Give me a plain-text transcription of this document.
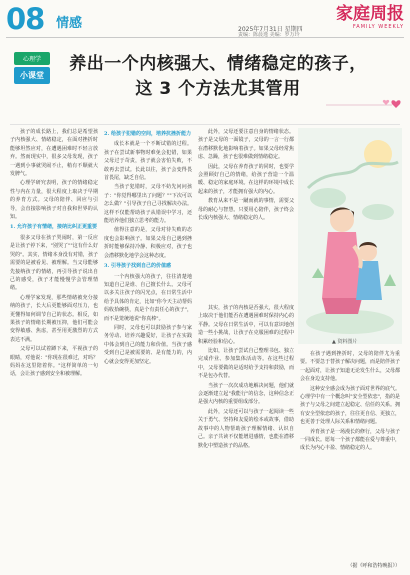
08 情感	2025年7月31日 星期四
责编：陈晨逸 美编：罗万玲
家庭周报
FAMILY WEEKLY
心理学
小课堂
养出一个内核强大、情绪稳定的孩子，
这 3 个方法尤其管用

孩子的成长路上，我们总是希望孩子内核强大、情绪稳定，在面对挫折时能够坦然应对，在遭遇困难时不轻言放弃。然而现实中，很多父母发现，孩子一遇到小事就哭闹不止，稍有不顺就大发脾气。

心理学研究表明，孩子的情绪稳定性与内在力量，很大程度上取决于早期的养育方式。父母的陪伴、回应与引导，会直接影响孩子对自我和世界的认知。

1. 允许孩子有情绪，接纳比纠正更重要

很多父母在孩子哭闹时，第一反应是让孩子停下来，"别哭了""这有什么好哭的"。其实，情绪本身没有对错，孩子需要的是被看见、被理解。当父母能够先接纳孩子的情绪，再引导孩子说出自己的感受，孩子才能慢慢学会管理情绪。

心理学家发现，那些情绪被充分接纳的孩子，长大后更能够面对压力，也更懂得如何调节自己的状态。相反，如果孩子的情绪长期被压抑，他们可能会变得敏感、焦虑，甚至用更激烈的方式表达不满。

父母可以试着蹲下来，平视孩子的眼睛，对他说："你现在很难过，对吗？妈妈在这里陪着你。"这样简单的一句话，会让孩子感到安全和被理解。

2. 给孩子犯错的空间，培养抗挫折能力

成长本就是一个不断试错的过程。孩子在尝试新事物时难免会犯错，如果父母过于苛责，孩子就会害怕失败，不敢再去尝试。长此以往，孩子会变得畏首畏尾，缺乏自信。

当孩子犯错时，父母不妨先问问孩子："你觉得哪里出了问题？""下次可以怎么做？"引导孩子自己寻找解决办法。这样不仅能帮助孩子从错误中学习，还能培养他们独立思考的能力。

值得注意的是，父母对待失败的态度也会影响孩子。如果父母自己遇到挫折时能够保持冷静、积极应对，孩子也会潜移默化地学会这种态度。

3. 引导孩子找到自己的价值感

一个内核强大的孩子，往往清楚地知道自己是谁、自己擅长什么。父母可以多关注孩子的闪光点，在日常生活中给予具体的肯定，比如"你今天主动帮妈妈收拾碗筷，真是个有责任心的孩子"，而不是笼统地说"你真棒"。

同时，父母也可以鼓励孩子参与家务劳动、培养兴趣爱好，让孩子在实践中体会到自己的能力和价值。当孩子感受到自己是被需要的、是有能力的，内心就会变得更加坚定。

此外，父母还要注意自身的情绪状态。孩子是父母的一面镜子，父母的一言一行都在潜移默化地影响着孩子。如果父母经常焦虑、急躁，孩子也很难做到情绪稳定。

因此，父母在养育孩子的同时，也要学会照顾好自己的情绪，给孩子营造一个温暖、稳定的家庭环境。在这样的环境中成长起来的孩子，才能拥有强大的内心。

教育从来不是一蹴而就的事情，需要父母的耐心与智慧。只要用心陪伴，孩子终会长成内核强大、情绪稳定的人。

其实，孩子的内核是否强大，很大程度上取决于他们能否在遭遇困难时保持内心的平静。父母在日常生活中，可以有意识地创造一些小挑战，让孩子在克服困难的过程中积累经验和信心。

比如，让孩子尝试自己整理书包、独立完成作业、参加集体活动等。在这些过程中，父母要做的是适时给予支持和鼓励，而不是包办代替。

当孩子一次次成功地解决问题，他们就会逐渐建立起"我能行"的信念，这种信念正是强大内核的重要组成部分。

此外，父母还可以与孩子一起阅读一些关于勇气、坚持和友爱的绘本或故事，借助故事中的人物帮助孩子理解情绪、认识自己。亲子共读不仅能增进感情，也能在潜移默化中塑造孩子的品格。

▲ 资料图片

在孩子遇到挫折时，父母的陪伴尤为重要。不要急于替孩子解决问题，而是陪伴孩子一起面对，让孩子知道无论发生什么，父母都会在身边支持他。

这种安全感会成为孩子面对世界的底气。心理学中有一个概念叫"安全型依恋"，指的是孩子与父母之间建立起稳定、信任的关系。拥有安全型依恋的孩子，往往更自信、更独立，也更善于处理人际关系和情绪问题。

养育孩子是一场漫长的修行，父母与孩子一同成长。愿每一个孩子都能在爱与尊重中，成长为内心丰盈、情绪稳定的人。

（据《呼和浩特晚报》）
